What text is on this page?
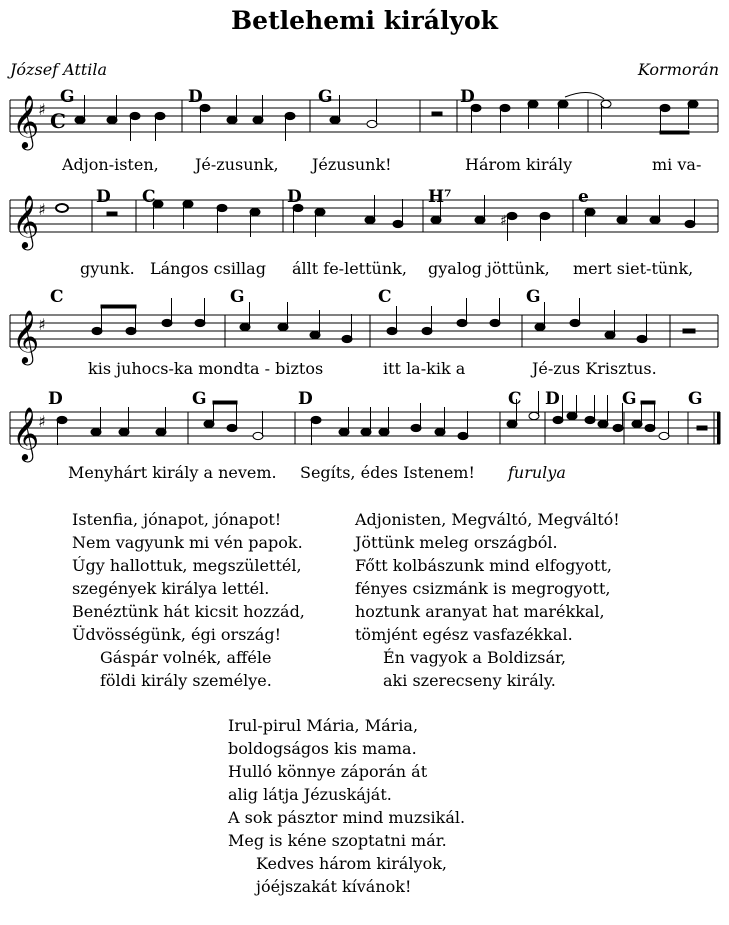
Betlehemi királyok
József Attila	Kormorán
𝄞
♯ C
G	D	G	D
Adjon-isten, Jé-zusunk, Jézusunk!	Három király	mi va-
𝄞
♯
♯
D C	D	H⁷	e
gyunk. Lángos csillag állt fe-lettünk, gyalog jöttünk, mert siet-tünk,
𝄞
♯
C	G	C	G
kis juhocs-ka mondta - biztos	itt la-kik a	Jé-zus Krisztus.
𝄞
♯
D	G	D	C D	G	G
Menyhárt király a nevem. Segíts, édes Istenem! furulya
Istenfia, jónapot, jónapot!
Nem vagyunk mi vén papok.
Úgy hallottuk, megszülettél,
szegények királya lettél.
Benéztünk hát kicsit hozzád,
Üdvösségünk, égi ország!
Gáspár volnék, afféle
földi király személye.
Adjonisten, Megváltó, Megváltó!
Jöttünk meleg országból.
Főtt kolbászunk mind elfogyott,
fényes csizmánk is megrogyott,
hoztunk aranyat hat marékkal,
tömjént egész vasfazékkal.
Én vagyok a Boldizsár,
aki szerecseny király.
Irul-pirul Mária, Mária,
boldogságos kis mama.
Hulló könnye záporán át
alig látja Jézuskáját.
A sok pásztor mind muzsikál.
Meg is kéne szoptatni már.
Kedves három királyok,
jóéjszakát kívánok!
